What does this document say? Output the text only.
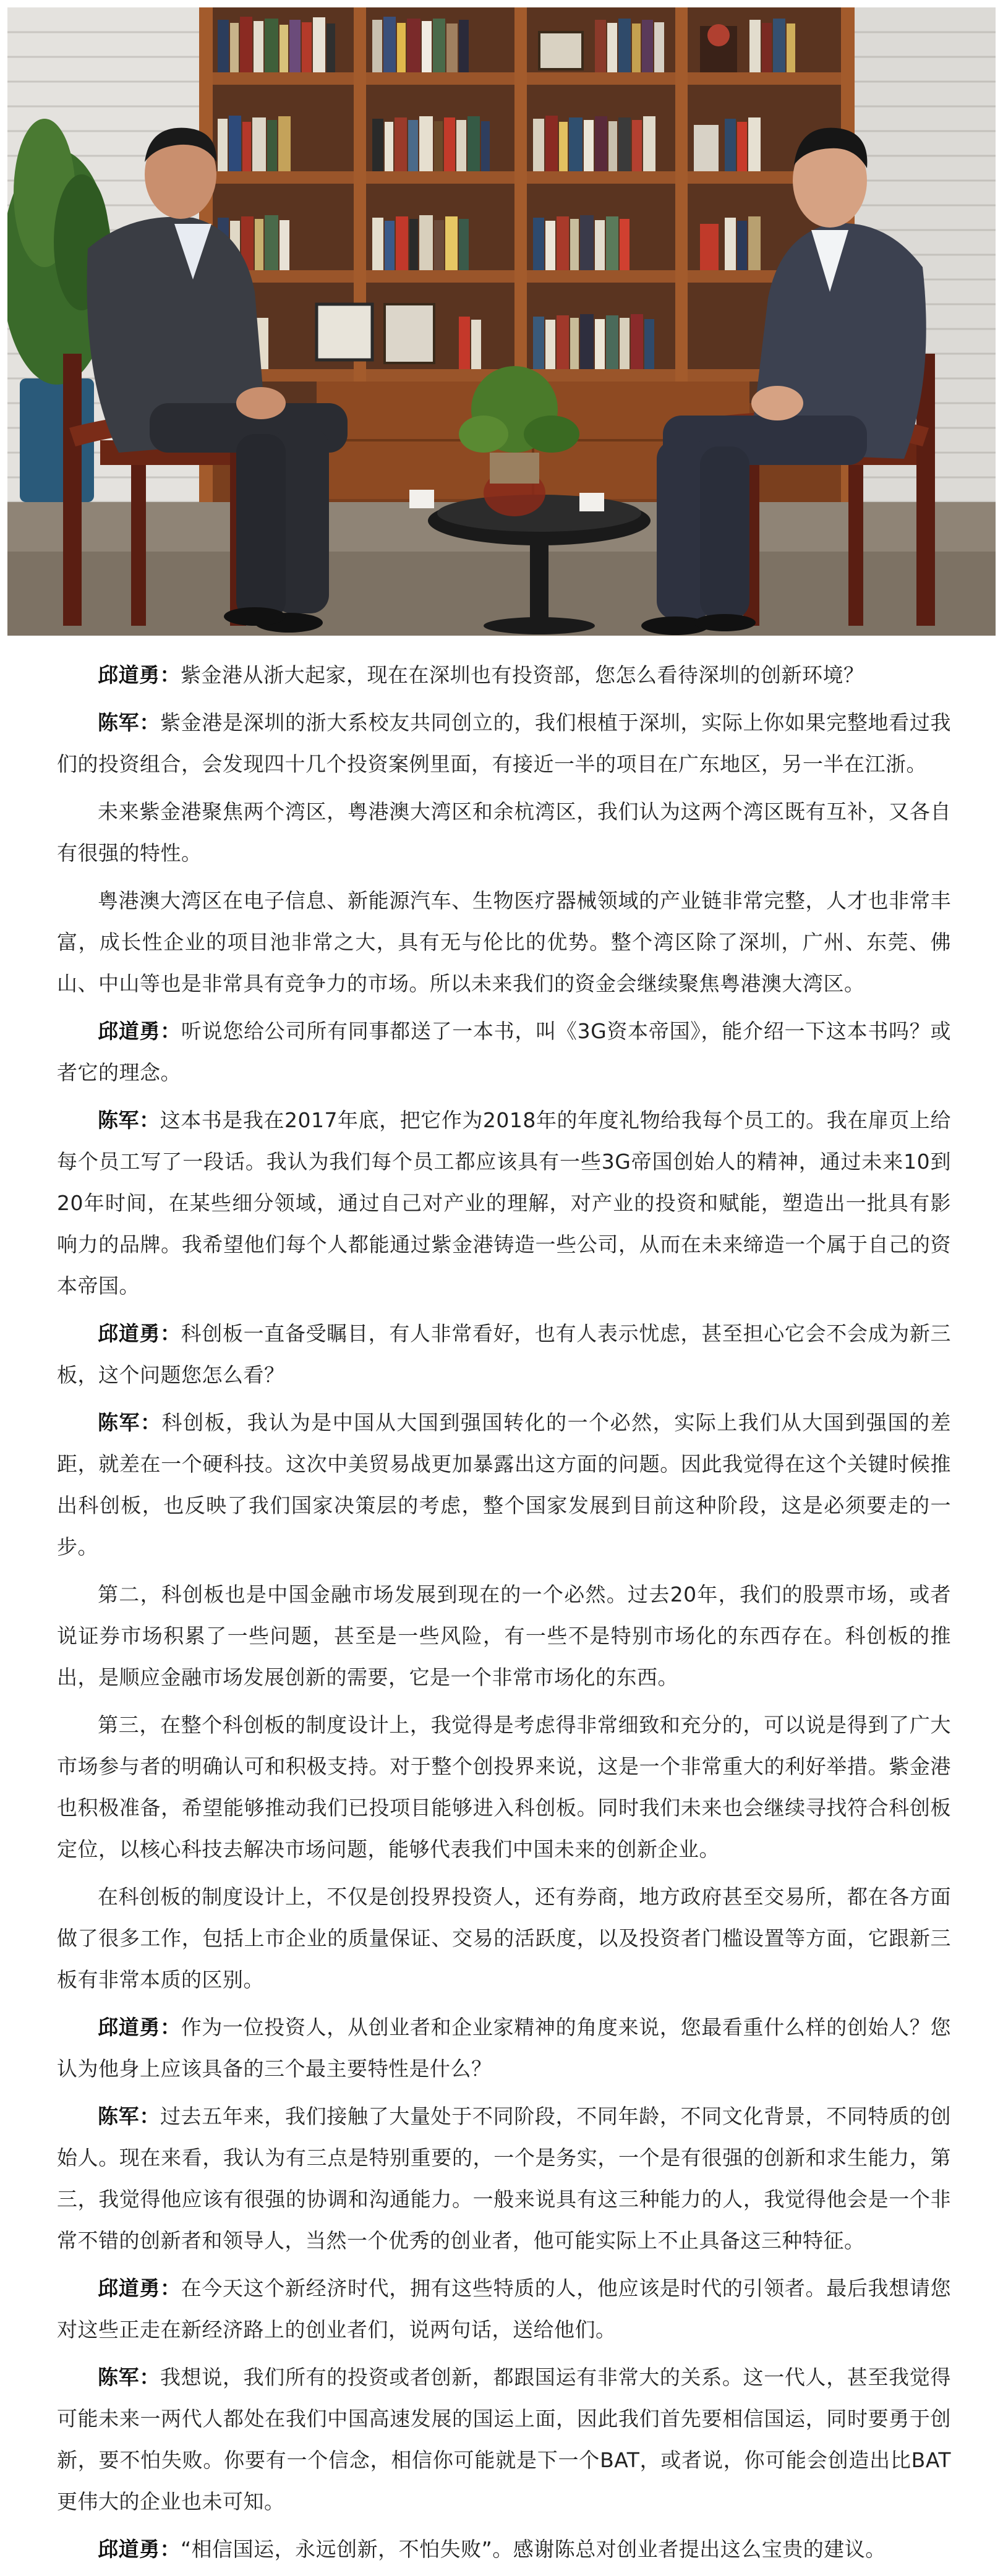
邱道勇：紫金港从浙大起家，现在在深圳也有投资部，您怎么看待深圳的创新环境？

陈军：紫金港是深圳的浙大系校友共同创立的，我们根植于深圳，实际上你如果完整地看过我们的投资组合，会发现四十几个投资案例里面，有接近一半的项目在广东地区，另一半在江浙。

未来紫金港聚焦两个湾区，粤港澳大湾区和余杭湾区，我们认为这两个湾区既有互补，又各自有很强的特性。

粤港澳大湾区在电子信息、新能源汽车、生物医疗器械领域的产业链非常完整，人才也非常丰富，成长性企业的项目池非常之大，具有无与伦比的优势。整个湾区除了深圳，广州、东莞、佛山、中山等也是非常具有竞争力的市场。所以未来我们的资金会继续聚焦粤港澳大湾区。

邱道勇：听说您给公司所有同事都送了一本书，叫《3G资本帝国》，能介绍一下这本书吗？或者它的理念。

陈军：这本书是我在2017年底，把它作为2018年的年度礼物给我每个员工的。我在扉页上给每个员工写了一段话。我认为我们每个员工都应该具有一些3G帝国创始人的精神，通过未来10到20年时间，在某些细分领域，通过自己对产业的理解，对产业的投资和赋能，塑造出一批具有影响力的品牌。我希望他们每个人都能通过紫金港铸造一些公司，从而在未来缔造一个属于自己的资本帝国。

邱道勇：科创板一直备受瞩目，有人非常看好，也有人表示忧虑，甚至担心它会不会成为新三板，这个问题您怎么看？

陈军：科创板，我认为是中国从大国到强国转化的一个必然，实际上我们从大国到强国的差距，就差在一个硬科技。这次中美贸易战更加暴露出这方面的问题。因此我觉得在这个关键时候推出科创板，也反映了我们国家决策层的考虑，整个国家发展到目前这种阶段，这是必须要走的一步。

第二，科创板也是中国金融市场发展到现在的一个必然。过去20年，我们的股票市场，或者说证券市场积累了一些问题，甚至是一些风险，有一些不是特别市场化的东西存在。科创板的推出，是顺应金融市场发展创新的需要，它是一个非常市场化的东西。

第三，在整个科创板的制度设计上，我觉得是考虑得非常细致和充分的，可以说是得到了广大市场参与者的明确认可和积极支持。对于整个创投界来说，这是一个非常重大的利好举措。紫金港也积极准备，希望能够推动我们已投项目能够进入科创板。同时我们未来也会继续寻找符合科创板定位，以核心科技去解决市场问题，能够代表我们中国未来的创新企业。

在科创板的制度设计上，不仅是创投界投资人，还有券商，地方政府甚至交易所，都在各方面做了很多工作，包括上市企业的质量保证、交易的活跃度，以及投资者门槛设置等方面，它跟新三板有非常本质的区别。

邱道勇：作为一位投资人，从创业者和企业家精神的角度来说，您最看重什么样的创始人？您认为他身上应该具备的三个最主要特性是什么？

陈军：过去五年来，我们接触了大量处于不同阶段，不同年龄，不同文化背景，不同特质的创始人。现在来看，我认为有三点是特别重要的，一个是务实，一个是有很强的创新和求生能力，第三，我觉得他应该有很强的协调和沟通能力。一般来说具有这三种能力的人，我觉得他会是一个非常不错的创新者和领导人，当然一个优秀的创业者，他可能实际上不止具备这三种特征。

邱道勇：在今天这个新经济时代，拥有这些特质的人，他应该是时代的引领者。最后我想请您对这些正走在新经济路上的创业者们，说两句话，送给他们。

陈军：我想说，我们所有的投资或者创新，都跟国运有非常大的关系。这一代人，甚至我觉得可能未来一两代人都处在我们中国高速发展的国运上面，因此我们首先要相信国运，同时要勇于创新，要不怕失败。你要有一个信念，相信你可能就是下一个BAT，或者说，你可能会创造出比BAT更伟大的企业也未可知。

邱道勇：“相信国运，永远创新，不怕失败”。感谢陈总对创业者提出这么宝贵的建议。
